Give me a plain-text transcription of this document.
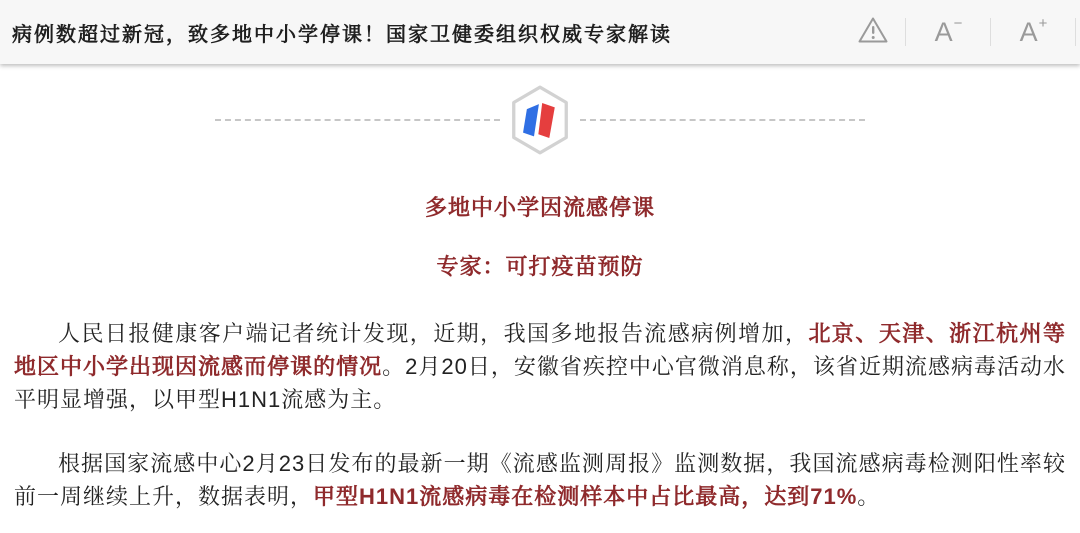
病例数超过新冠，致多地中小学停课！国家卫健委组织权威专家解读	A − A +
多地中小学因流感停课
专家：可打疫苗预防

人民日报健康客户端记者统计发现，近期，我国多地报告流感病例增加，北京、天津、浙江杭州等地区中小学出现因流感而停课的情况。2月20日，安徽省疾控中心官微消息称，该省近期流感病毒活动水平明显增强，以甲型H1N1流感为主。

根据国家流感中心2月23日发布的最新一期《流感监测周报》监测数据，我国流感病毒检测阳性率较前一周继续上升，数据表明，甲型H1N1流感病毒在检测样本中占比最高，达到71%。
